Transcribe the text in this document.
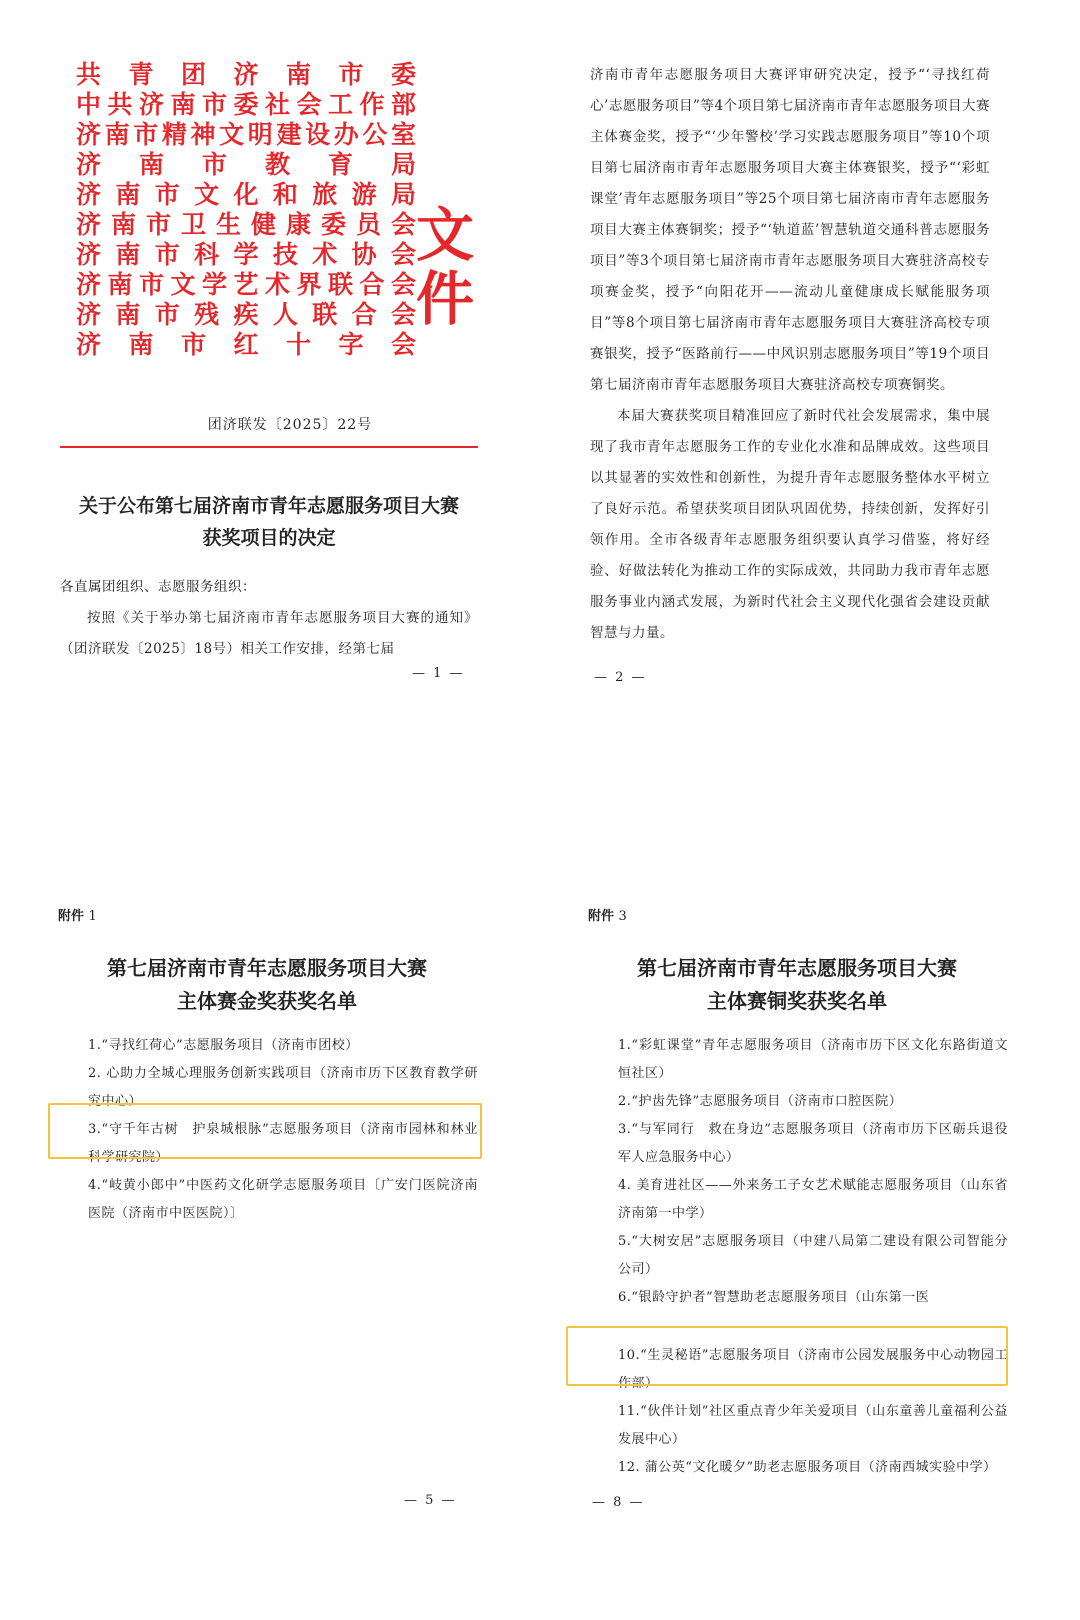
共青团济南市委
中共济南市委社会工作部
济南市精神文明建设办公室
济南市教育局
济南市文化和旅游局
济南市卫生健康委员会
济南市科学技术协会
济南市文学艺术界联合会
济南市残疾人联合会
济南市红十字会
文件
团济联发〔2025〕22号
关于公布第七届济南市青年志愿服务项目大赛
获奖项目的决定
各直属团组织、志愿服务组织：
按照《关于举办第七届济南市青年志愿服务项目大赛的通知》（团济联发〔2025〕18号）相关工作安排，经第七届
— 1 —
济南市青年志愿服务项目大赛评审研究决定，授予“‘寻找红荷心’志愿服务项目”等4个项目第七届济南市青年志愿服务项目大赛主体赛金奖，授予“‘少年警校’学习实践志愿服务项目”等10个项目第七届济南市青年志愿服务项目大赛主体赛银奖，授予“‘彩虹课堂’青年志愿服务项目”等25个项目第七届济南市青年志愿服务项目大赛主体赛铜奖；授予“‘轨道蓝’智慧轨道交通科普志愿服务项目”等3个项目第七届济南市青年志愿服务项目大赛驻济高校专项赛金奖，授予“向阳花开——流动儿童健康成长赋能服务项目”等8个项目第七届济南市青年志愿服务项目大赛驻济高校专项赛银奖，授予“医路前行——中风识别志愿服务项目”等19个项目第七届济南市青年志愿服务项目大赛驻济高校专项赛铜奖。
本届大赛获奖项目精准回应了新时代社会发展需求，集中展现了我市青年志愿服务工作的专业化水准和品牌成效。这些项目以其显著的实效性和创新性，为提升青年志愿服务整体水平树立了良好示范。希望获奖项目团队巩固优势，持续创新，发挥好引领作用。全市各级青年志愿服务组织要认真学习借鉴，将好经验、好做法转化为推动工作的实际成效，共同助力我市青年志愿服务事业内涵式发展，为新时代社会主义现代化强省会建设贡献智慧与力量。
— 2 —
附件 1
第七届济南市青年志愿服务项目大赛
主体赛金奖获奖名单
1.“寻找红荷心”志愿服务项目（济南市团校）
2. 心助力全城心理服务创新实践项目（济南市历下区教育教学研究中心）
3.“守千年古树　护泉城根脉”志愿服务项目（济南市园林和林业科学研究院）
4.“岐黄小郎中”中医药文化研学志愿服务项目〔广安门医院济南医院（济南市中医医院）〕
— 5 —
附件 3
第七届济南市青年志愿服务项目大赛
主体赛铜奖获奖名单
1.“彩虹课堂”青年志愿服务项目（济南市历下区文化东路街道文恒社区）
2.“护齿先锋”志愿服务项目（济南市口腔医院）
3.“与军同行　救在身边”志愿服务项目（济南市历下区砺兵退役军人应急服务中心）
4. 美育进社区——外来务工子女艺术赋能志愿服务项目（山东省济南第一中学）
5.“大树安居”志愿服务项目（中建八局第二建设有限公司智能分公司）
6.“银龄守护者”智慧助老志愿服务项目（山东第一医
10.“生灵秘语”志愿服务项目（济南市公园发展服务中心动物园工作部）
11.“伙伴计划”社区重点青少年关爱项目（山东童善儿童福利公益发展中心）
12. 蒲公英“文化暖夕”助老志愿服务项目（济南西城实验中学）
— 8 —
